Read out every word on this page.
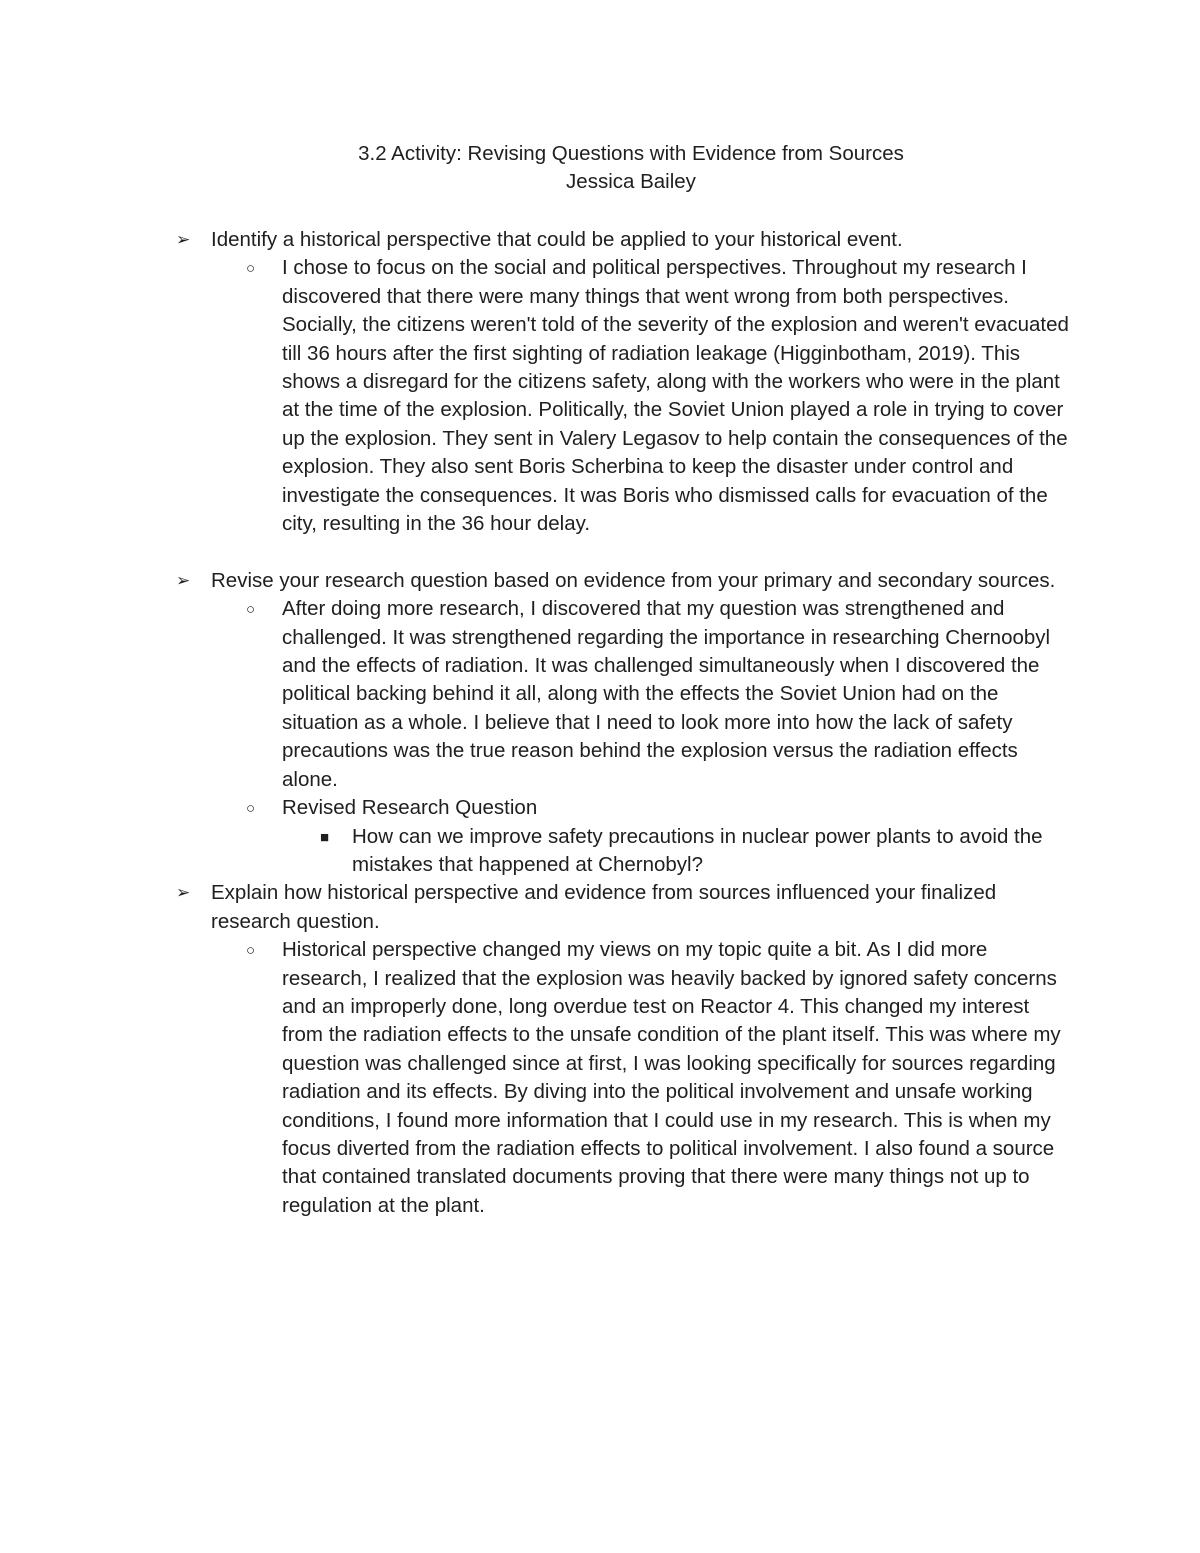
3.2 Activity: Revising Questions with Evidence from Sources
Jessica Bailey
➢ Identify a historical perspective that could be applied to your historical event.
○ I chose to focus on the social and political perspectives. Throughout my research I discovered that there were many things that went wrong from both perspectives. Socially, the citizens weren't told of the severity of the explosion and weren't evacuated till 36 hours after the first sighting of radiation leakage (Higginbotham, 2019). This shows a disregard for the citizens safety, along with the workers who were in the plant at the time of the explosion. Politically, the Soviet Union played a role in trying to cover up the explosion. They sent in Valery Legasov to help contain the consequences of the explosion. They also sent Boris Scherbina to keep the disaster under control and investigate the consequences. It was Boris who dismissed calls for evacuation of the city, resulting in the 36 hour delay.
➢ Revise your research question based on evidence from your primary and secondary sources.
○ After doing more research, I discovered that my question was strengthened and challenged. It was strengthened regarding the importance in researching Chernoobyl and the effects of radiation. It was challenged simultaneously when I discovered the political backing behind it all, along with the effects the Soviet Union had on the situation as a whole. I believe that I need to look more into how the lack of safety precautions was the true reason behind the explosion versus the radiation effects alone.
○ Revised Research Question
■ How can we improve safety precautions in nuclear power plants to avoid the mistakes that happened at Chernobyl?
➢ Explain how historical perspective and evidence from sources influenced your finalized research question.
○ Historical perspective changed my views on my topic quite a bit. As I did more research, I realized that the explosion was heavily backed by ignored safety concerns and an improperly done, long overdue test on Reactor 4. This changed my interest from the radiation effects to the unsafe condition of the plant itself. This was where my question was challenged since at first, I was looking specifically for sources regarding radiation and its effects. By diving into the political involvement and unsafe working conditions, I found more information that I could use in my research. This is when my focus diverted from the radiation effects to political involvement. I also found a source that contained translated documents proving that there were many things not up to regulation at the plant.
